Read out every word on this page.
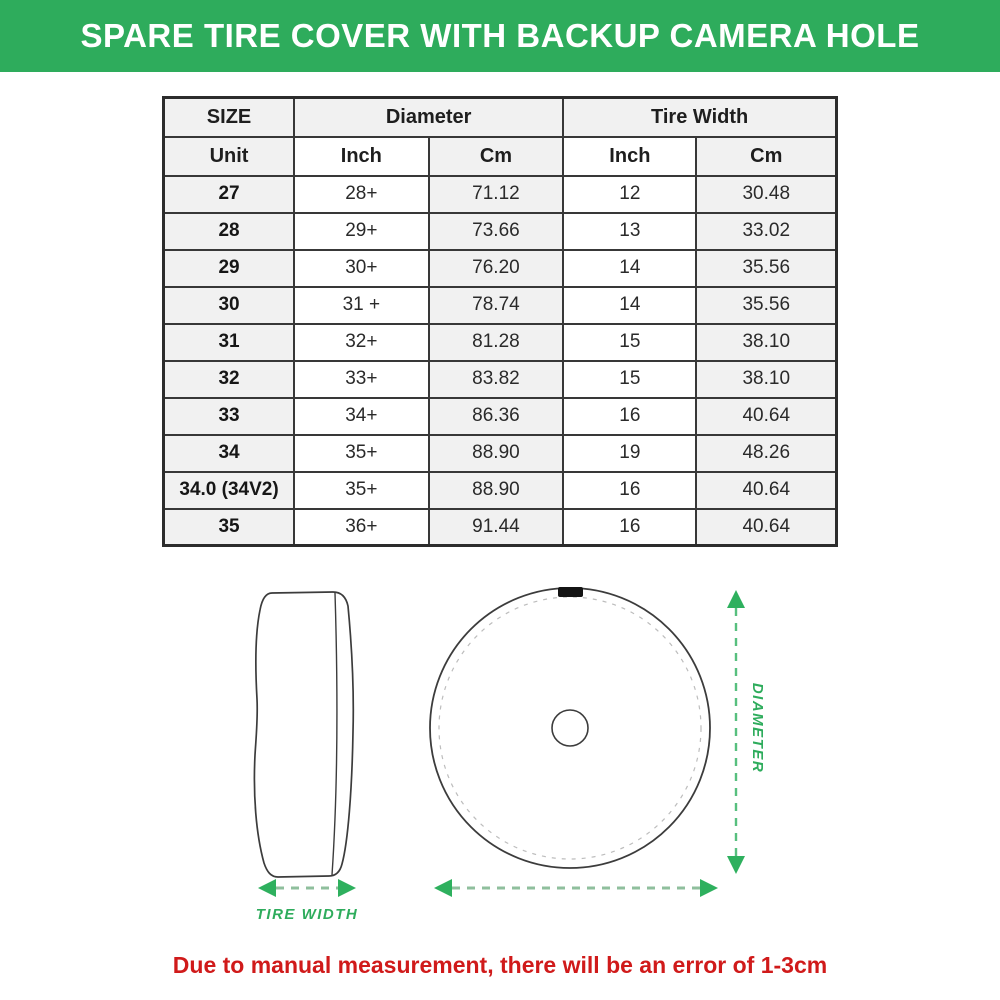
SPARE TIRE COVER WITH BACKUP CAMERA HOLE
SIZE	Diameter		Tire Width	
Unit	Inch	Cm	Inch	Cm
27	28+	71.12	12	30.48
28	29+	73.66	13	33.02
29	30+	76.20	14	35.56
30	31 +	78.74	14	35.56
31	32+	81.28	15	38.10
32	33+	83.82	15	38.10
33	34+	86.36	16	40.64
34	35+	88.90	19	48.26
34.0 (34V2)	35+	88.90	16	40.64
35	36+	91.44	16	40.64
TIRE WIDTH
DIAMETER
Due to manual measurement, there will be an error of 1-3cm
